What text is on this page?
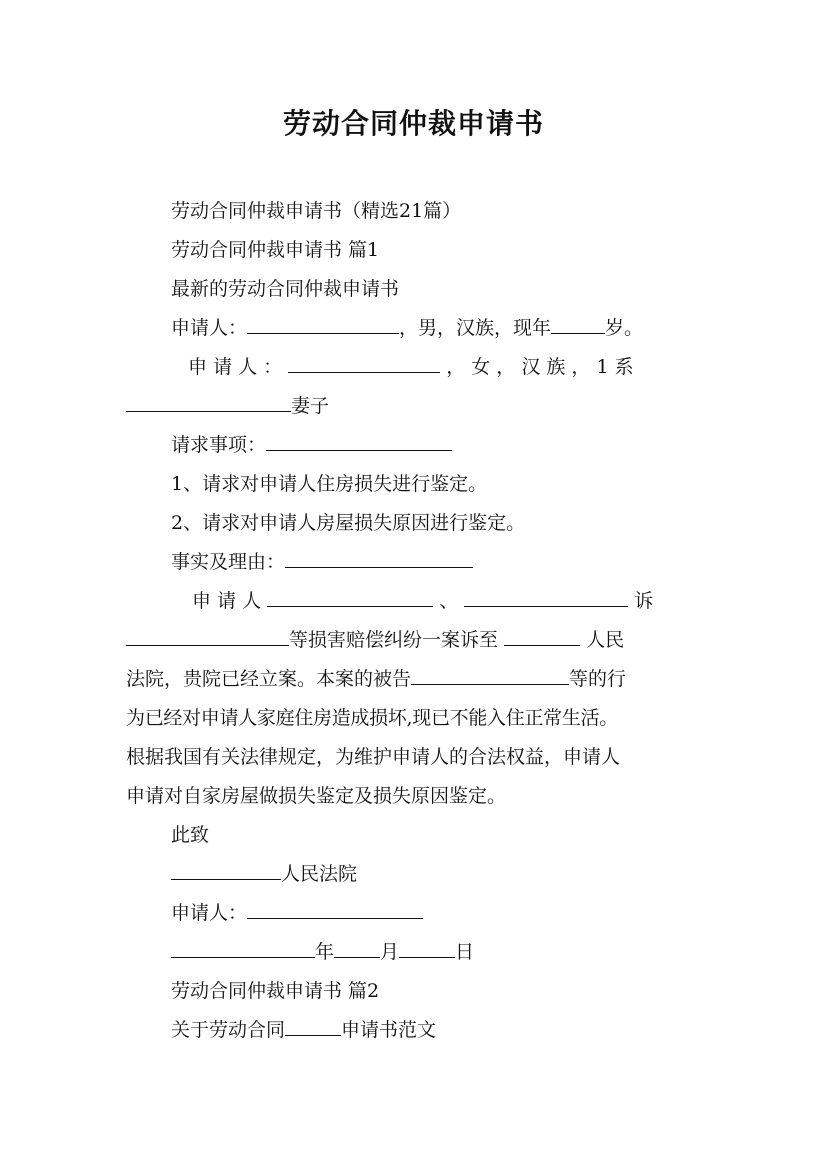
劳动合同仲裁申请书
劳动合同仲裁申请书（精选21篇）
劳动合同仲裁申请书 篇1
最新的劳动合同仲裁申请书
申请人：	，男，汉族，现年	岁。
申 请 人 ：	， 女 ， 汉 族 ， 1 系
妻子
请求事项：
1、请求对申请人住房损失进行鉴定。
2、请求对申请人房屋损失原因进行鉴定。
事实及理由：
申 请 人	、	诉
等损害赔偿纠纷一案诉至	人民
法院，贵院已经立案。本案的被告	等的行
为已经对申请人家庭住房造成损坏,现已不能入住正常生活。
根据我国有关法律规定，为维护申请人的合法权益，申请人
申请对自家房屋做损失鉴定及损失原因鉴定。
此致
人民法院
申请人：
年 月	日
劳动合同仲裁申请书 篇2
关于劳动合同	申请书范文
